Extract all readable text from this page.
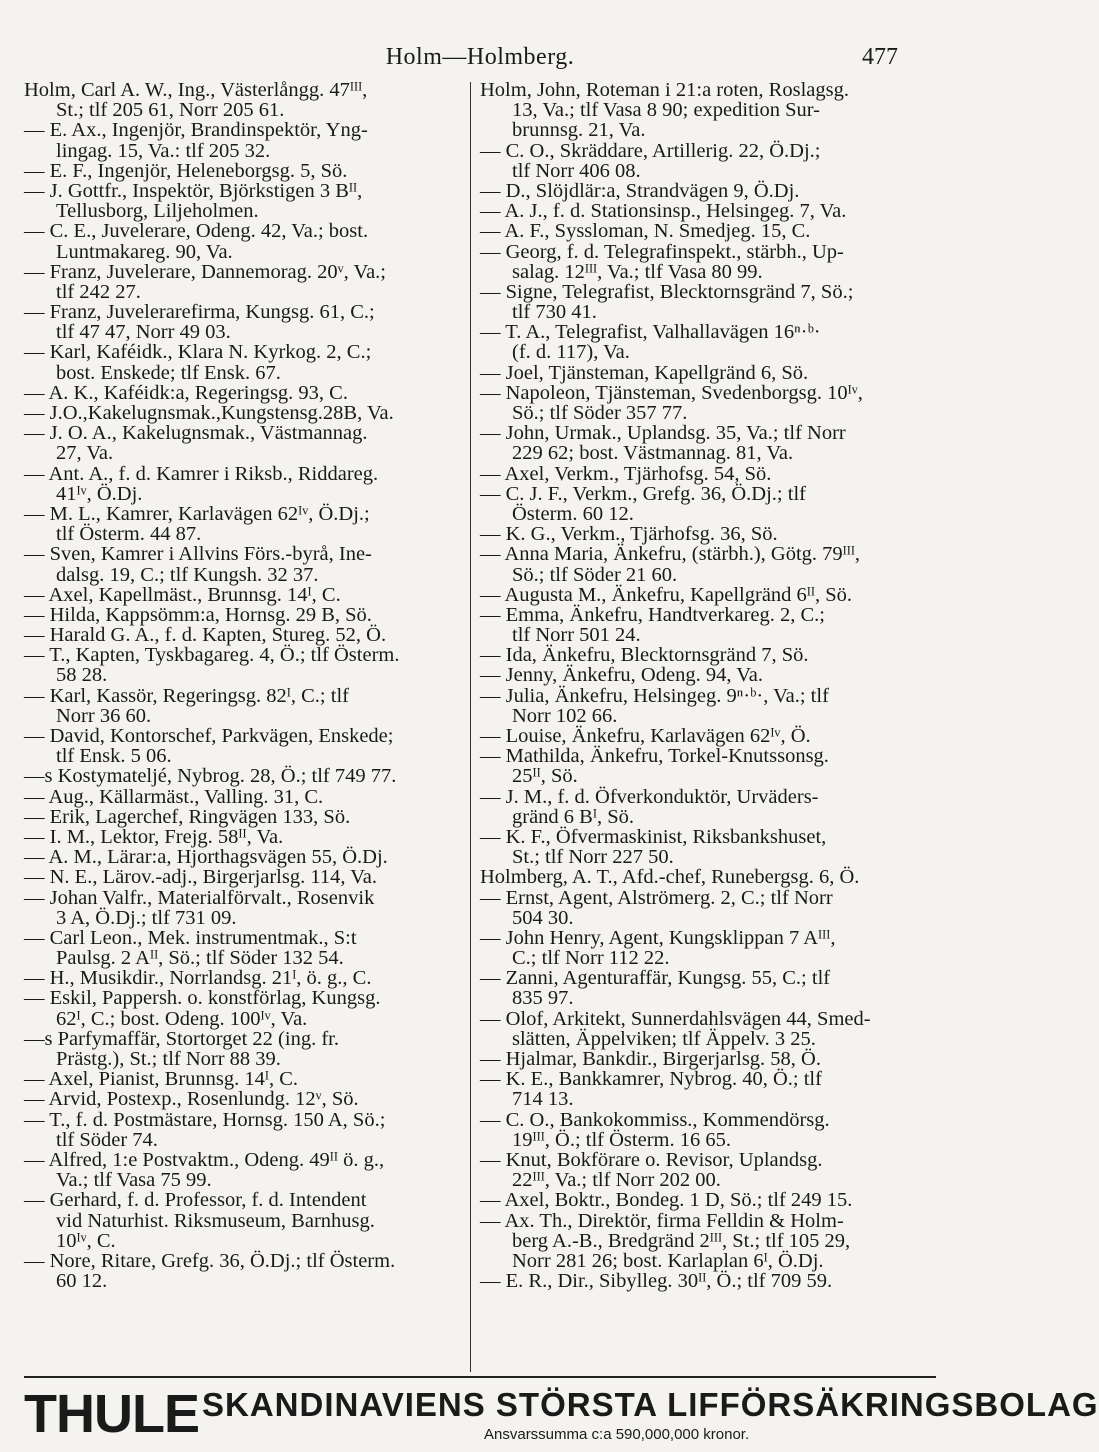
Holm—Holmberg.	477
Holm, Carl A. W., Ing., Västerlångg. 47ᴵᴵᴵ,
St.; tlf 205 61, Norr 205 61.
— E. Ax., Ingenjör, Brandinspektör, Yng-
lingag. 15, Va.: tlf 205 32.
— E. F., Ingenjör, Heleneborgsg. 5, Sö.
— J. Gottfr., Inspektör, Björkstigen 3 Bᴵᴵ,
Tellusborg, Liljeholmen.
— C. E., Juvelerare, Odeng. 42, Va.; bost.
Luntmakareg. 90, Va.
— Franz, Juvelerare, Dannemorag. 20ᵛ, Va.;
tlf 242 27.
— Franz, Juvelerarefirma, Kungsg. 61, C.;
tlf 47 47, Norr 49 03.
— Karl, Kaféidk., Klara N. Kyrkog. 2, C.;
bost. Enskede; tlf Ensk. 67.
— A. K., Kaféidk:a, Regeringsg. 93, C.
— J.O.,Kakelugnsmak.,Kungstensg.28B, Va.
— J. O. A., Kakelugnsmak., Västmannag.
27, Va.
— Ant. A., f. d. Kamrer i Riksb., Riddareg.
41ᴵᵛ, Ö.Dj.
— M. L., Kamrer, Karlavägen 62ᴵᵛ, Ö.Dj.;
tlf Österm. 44 87.
— Sven, Kamrer i Allvins Förs.-byrå, Ine-
dalsg. 19, C.; tlf Kungsh. 32 37.
— Axel, Kapellmäst., Brunnsg. 14ᴵ, C.
— Hilda, Kappsömm:a, Hornsg. 29 B, Sö.
— Harald G. A., f. d. Kapten, Stureg. 52, Ö.
— T., Kapten, Tyskbagareg. 4, Ö.; tlf Österm.
58 28.
— Karl, Kassör, Regeringsg. 82ᴵ, C.; tlf
Norr 36 60.
— David, Kontorschef, Parkvägen, Enskede;
tlf Ensk. 5 06.
—s Kostymateljé, Nybrog. 28, Ö.; tlf 749 77.
— Aug., Källarmäst., Valling. 31, C.
— Erik, Lagerchef, Ringvägen 133, Sö.
— I. M., Lektor, Frejg. 58ᴵᴵ, Va.
— A. M., Lärar:a, Hjorthagsvägen 55, Ö.Dj.
— N. E., Lärov.-adj., Birgerjarlsg. 114, Va.
— Johan Valfr., Materialförvalt., Rosenvik
3 A, Ö.Dj.; tlf 731 09.
— Carl Leon., Mek. instrumentmak., S:t
Paulsg. 2 Aᴵᴵ, Sö.; tlf Söder 132 54.
— H., Musikdir., Norrlandsg. 21ᴵ, ö. g., C.
— Eskil, Pappersh. o. konstförlag, Kungsg.
62ᴵ, C.; bost. Odeng. 100ᴵᵛ, Va.
—s Parfymaffär, Stortorget 22 (ing. fr.
Prästg.), St.; tlf Norr 88 39.
— Axel, Pianist, Brunnsg. 14ᴵ, C.
— Arvid, Postexp., Rosenlundg. 12ᵛ, Sö.
— T., f. d. Postmästare, Hornsg. 150 A, Sö.;
tlf Söder 74.
— Alfred, 1:e Postvaktm., Odeng. 49ᴵᴵ ö. g.,
Va.; tlf Vasa 75 99.
— Gerhard, f. d. Professor, f. d. Intendent
vid Naturhist. Riksmuseum, Barnhusg.
10ᴵᵛ, C.
— Nore, Ritare, Grefg. 36, Ö.Dj.; tlf Österm.
60 12.
Holm, John, Roteman i 21:a roten, Roslagsg.
13, Va.; tlf Vasa 8 90; expedition Sur-
brunnsg. 21, Va.
— C. O., Skräddare, Artillerig. 22, Ö.Dj.;
tlf Norr 406 08.
— D., Slöjdlär:a, Strandvägen 9, Ö.Dj.
— A. J., f. d. Stationsinsp., Helsingeg. 7, Va.
— A. F., Syssloman, N. Smedjeg. 15, C.
— Georg, f. d. Telegrafinspekt., stärbh., Up-
salag. 12ᴵᴵᴵ, Va.; tlf Vasa 80 99.
— Signe, Telegrafist, Blecktornsgränd 7, Sö.;
tlf 730 41.
— T. A., Telegrafist, Valhallavägen 16ⁿ·ᵇ·
(f. d. 117), Va.
— Joel, Tjänsteman, Kapellgränd 6, Sö.
— Napoleon, Tjänsteman, Svedenborgsg. 10ᴵᵛ,
Sö.; tlf Söder 357 77.
— John, Urmak., Uplandsg. 35, Va.; tlf Norr
229 62; bost. Västmannag. 81, Va.
— Axel, Verkm., Tjärhofsg. 54, Sö.
— C. J. F., Verkm., Grefg. 36, Ö.Dj.; tlf
Österm. 60 12.
— K. G., Verkm., Tjärhofsg. 36, Sö.
— Anna Maria, Änkefru, (stärbh.), Götg. 79ᴵᴵᴵ,
Sö.; tlf Söder 21 60.
— Augusta M., Änkefru, Kapellgränd 6ᴵᴵ, Sö.
— Emma, Änkefru, Handtverkareg. 2, C.;
tlf Norr 501 24.
— Ida, Änkefru, Blecktornsgränd 7, Sö.
— Jenny, Änkefru, Odeng. 94, Va.
— Julia, Änkefru, Helsingeg. 9ⁿ·ᵇ·, Va.; tlf
Norr 102 66.
— Louise, Änkefru, Karlavägen 62ᴵᵛ, Ö.
— Mathilda, Änkefru, Torkel-Knutssonsg.
25ᴵᴵ, Sö.
— J. M., f. d. Öfverkonduktör, Urväders-
gränd 6 Bᴵ, Sö.
— K. F., Öfvermaskinist, Riksbankshuset,
St.; tlf Norr 227 50.
Holmberg, A. T., Afd.-chef, Runebergsg. 6, Ö.
— Ernst, Agent, Alströmerg. 2, C.; tlf Norr
504 30.
— John Henry, Agent, Kungsklippan 7 Aᴵᴵᴵ,
C.; tlf Norr 112 22.
— Zanni, Agenturaffär, Kungsg. 55, C.; tlf
835 97.
— Olof, Arkitekt, Sunnerdahlsvägen 44, Smed-
slätten, Äppelviken; tlf Äppelv. 3 25.
— Hjalmar, Bankdir., Birgerjarlsg. 58, Ö.
— K. E., Bankkamrer, Nybrog. 40, Ö.; tlf
714 13.
— C. O., Bankokommiss., Kommendörsg.
19ᴵᴵᴵ, Ö.; tlf Österm. 16 65.
— Knut, Bokförare o. Revisor, Uplandsg.
22ᴵᴵᴵ, Va.; tlf Norr 202 00.
— Axel, Boktr., Bondeg. 1 D, Sö.; tlf 249 15.
— Ax. Th., Direktör, firma Felldin & Holm-
berg A.-B., Bredgränd 2ᴵᴵᴵ, St.; tlf 105 29,
Norr 281 26; bost. Karlaplan 6ᴵ, Ö.Dj.
— E. R., Dir., Sibylleg. 30ᴵᴵ, Ö.; tlf 709 59.
THULE SKANDINAVIENS STÖRSTA LIFFÖRSÄKRINGSBOLAG
Ansvarssumma c:a 590,000,000 kronor.
